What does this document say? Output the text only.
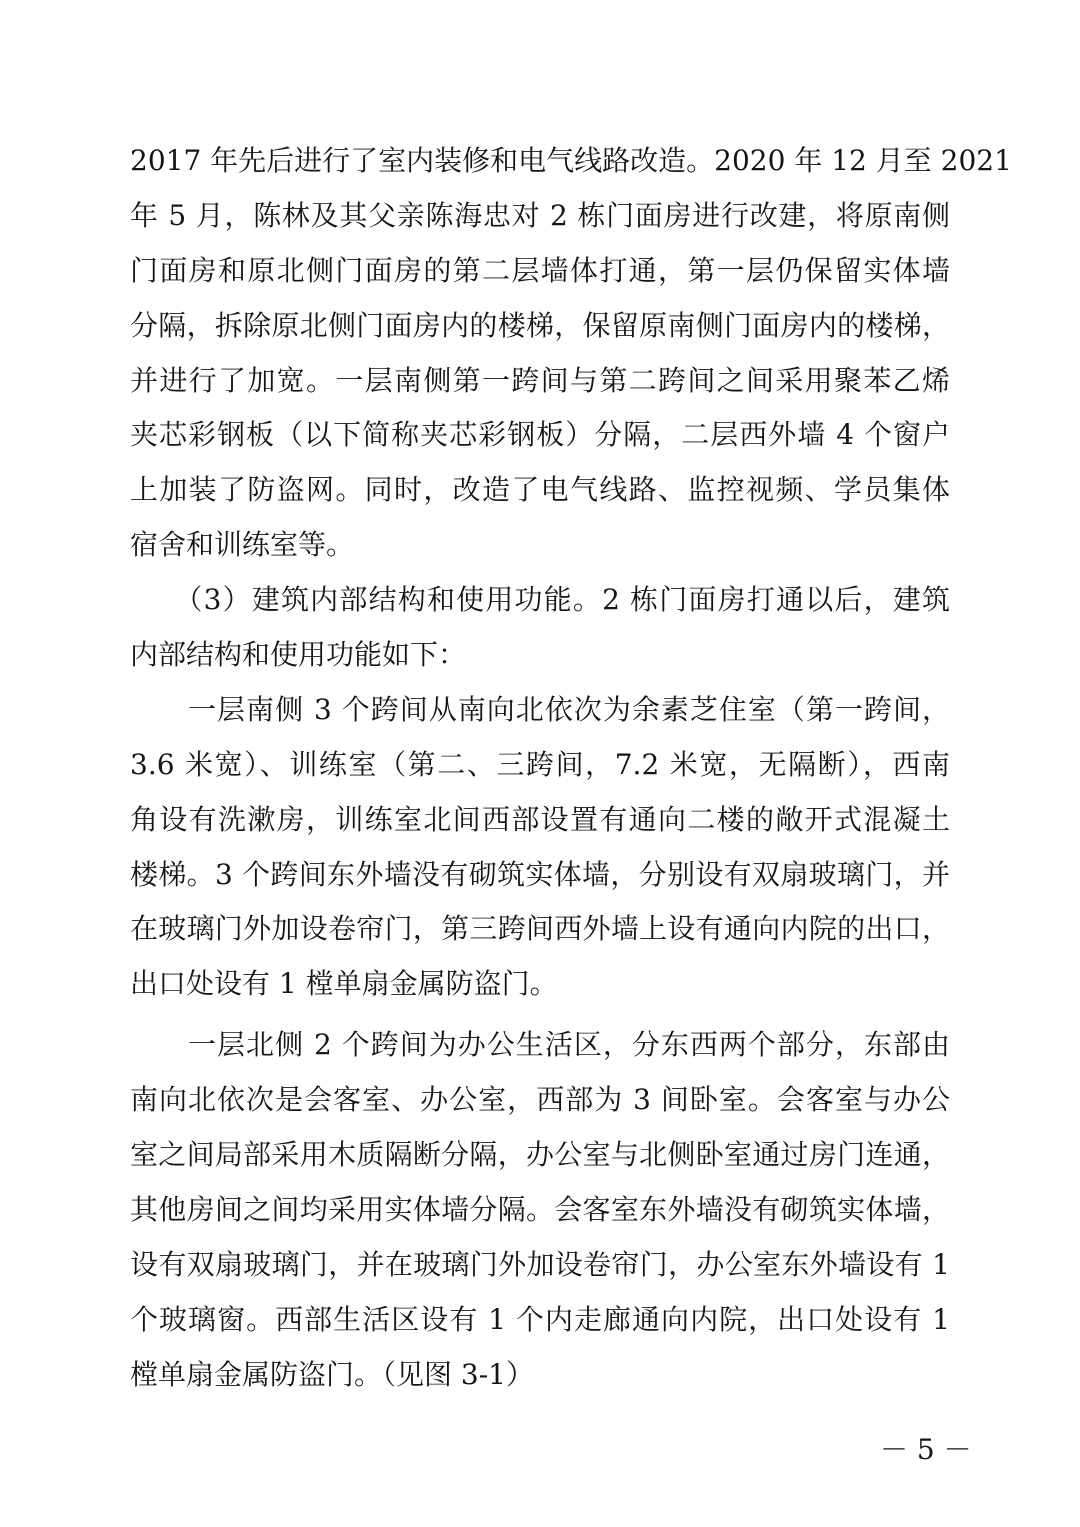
2017 年先后进行了室内装修和电气线路改造。2020 年 12 月至 2021
年 5 月，陈林及其父亲陈海忠对 2 栋门面房进行改建，将原南侧
门面房和原北侧门面房的第二层墙体打通，第一层仍保留实体墙
分隔，拆除原北侧门面房内的楼梯，保留原南侧门面房内的楼梯，
并进行了加宽。一层南侧第一跨间与第二跨间之间采用聚苯乙烯
夹芯彩钢板（以下简称夹芯彩钢板）分隔，二层西外墙 4 个窗户
上加装了防盗网。同时，改造了电气线路、监控视频、学员集体
宿舍和训练室等。
　　（3）建筑内部结构和使用功能。2 栋门面房打通以后，建筑
内部结构和使用功能如下：
　　一层南侧 3 个跨间从南向北依次为余素芝住室（第一跨间，
3.6 米宽）、训练室（第二、三跨间，7.2 米宽，无隔断），西南
角设有洗漱房，训练室北间西部设置有通向二楼的敞开式混凝土
楼梯。3 个跨间东外墙没有砌筑实体墙，分别设有双扇玻璃门，并
在玻璃门外加设卷帘门，第三跨间西外墙上设有通向内院的出口，
出口处设有 1 樘单扇金属防盗门。
　　一层北侧 2 个跨间为办公生活区，分东西两个部分，东部由
南向北依次是会客室、办公室，西部为 3 间卧室。会客室与办公
室之间局部采用木质隔断分隔，办公室与北侧卧室通过房门连通，
其他房间之间均采用实体墙分隔。会客室东外墙没有砌筑实体墙，
设有双扇玻璃门，并在玻璃门外加设卷帘门，办公室东外墙设有 1
个玻璃窗。西部生活区设有 1 个内走廊通向内院，出口处设有 1
樘单扇金属防盗门。（见图 3-1）
－ 5 －
